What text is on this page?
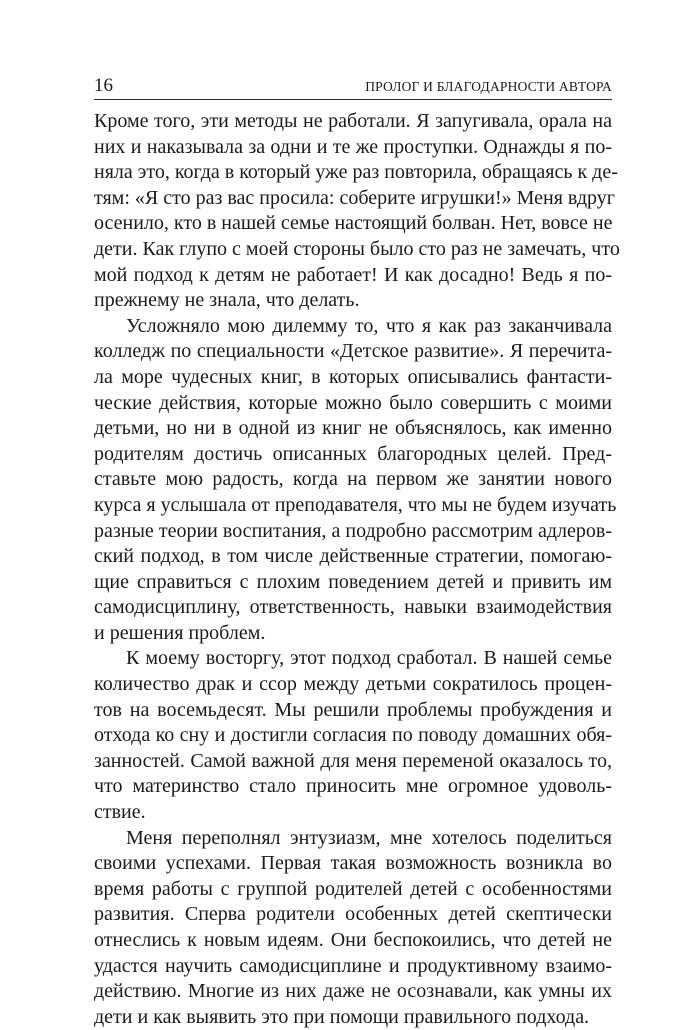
16	ПРОЛОГ И БЛАГОДАРНОСТИ АВТОРА

Кроме того, эти методы не работали. Я запугивала, орала на
них и наказывала за одни и те же проступки. Однажды я по-
няла это, когда в который уже раз повторила, обращаясь к де-
тям: «Я сто раз вас просила: соберите игрушки!» Меня вдруг
осенило, кто в нашей семье настоящий болван. Нет, вовсе не
дети. Как глупо с моей стороны было сто раз не замечать, что
мой подход к детям не работает! И как досадно! Ведь я по-
прежнему не знала, что делать.

Усложняло мою дилемму то, что я как раз заканчивала
колледж по специальности «Детское развитие». Я перечита-
ла море чудесных книг, в которых описывались фантасти-
ческие действия, которые можно было совершить с моими
детьми, но ни в одной из книг не объяснялось, как именно
родителям достичь описанных благородных целей. Пред-
ставьте мою радость, когда на первом же занятии нового
курса я услышала от преподавателя, что мы не будем изучать
разные теории воспитания, а подробно рассмотрим адлеров-
ский подход, в том числе действенные стратегии, помогаю-
щие справиться с плохим поведением детей и привить им
самодисциплину, ответственность, навыки взаимодействия
и решения проблем.

К моему восторгу, этот подход сработал. В нашей семье
количество драк и ссор между детьми сократилось процен-
тов на восемьдесят. Мы решили проблемы пробуждения и
отхода ко сну и достигли согласия по поводу домашних обя-
занностей. Самой важной для меня переменой оказалось то,
что материнство стало приносить мне огромное удоволь-
ствие.

Меня переполнял энтузиазм, мне хотелось поделиться
своими успехами. Первая такая возможность возникла во
время работы с группой родителей детей с особенностями
развития. Сперва родители особенных детей скептически
отнеслись к новым идеям. Они беспокоились, что детей не
удастся научить самодисциплине и продуктивному взаимо-
действию. Многие из них даже не осознавали, как умны их
дети и как выявить это при помощи правильного подхода.
